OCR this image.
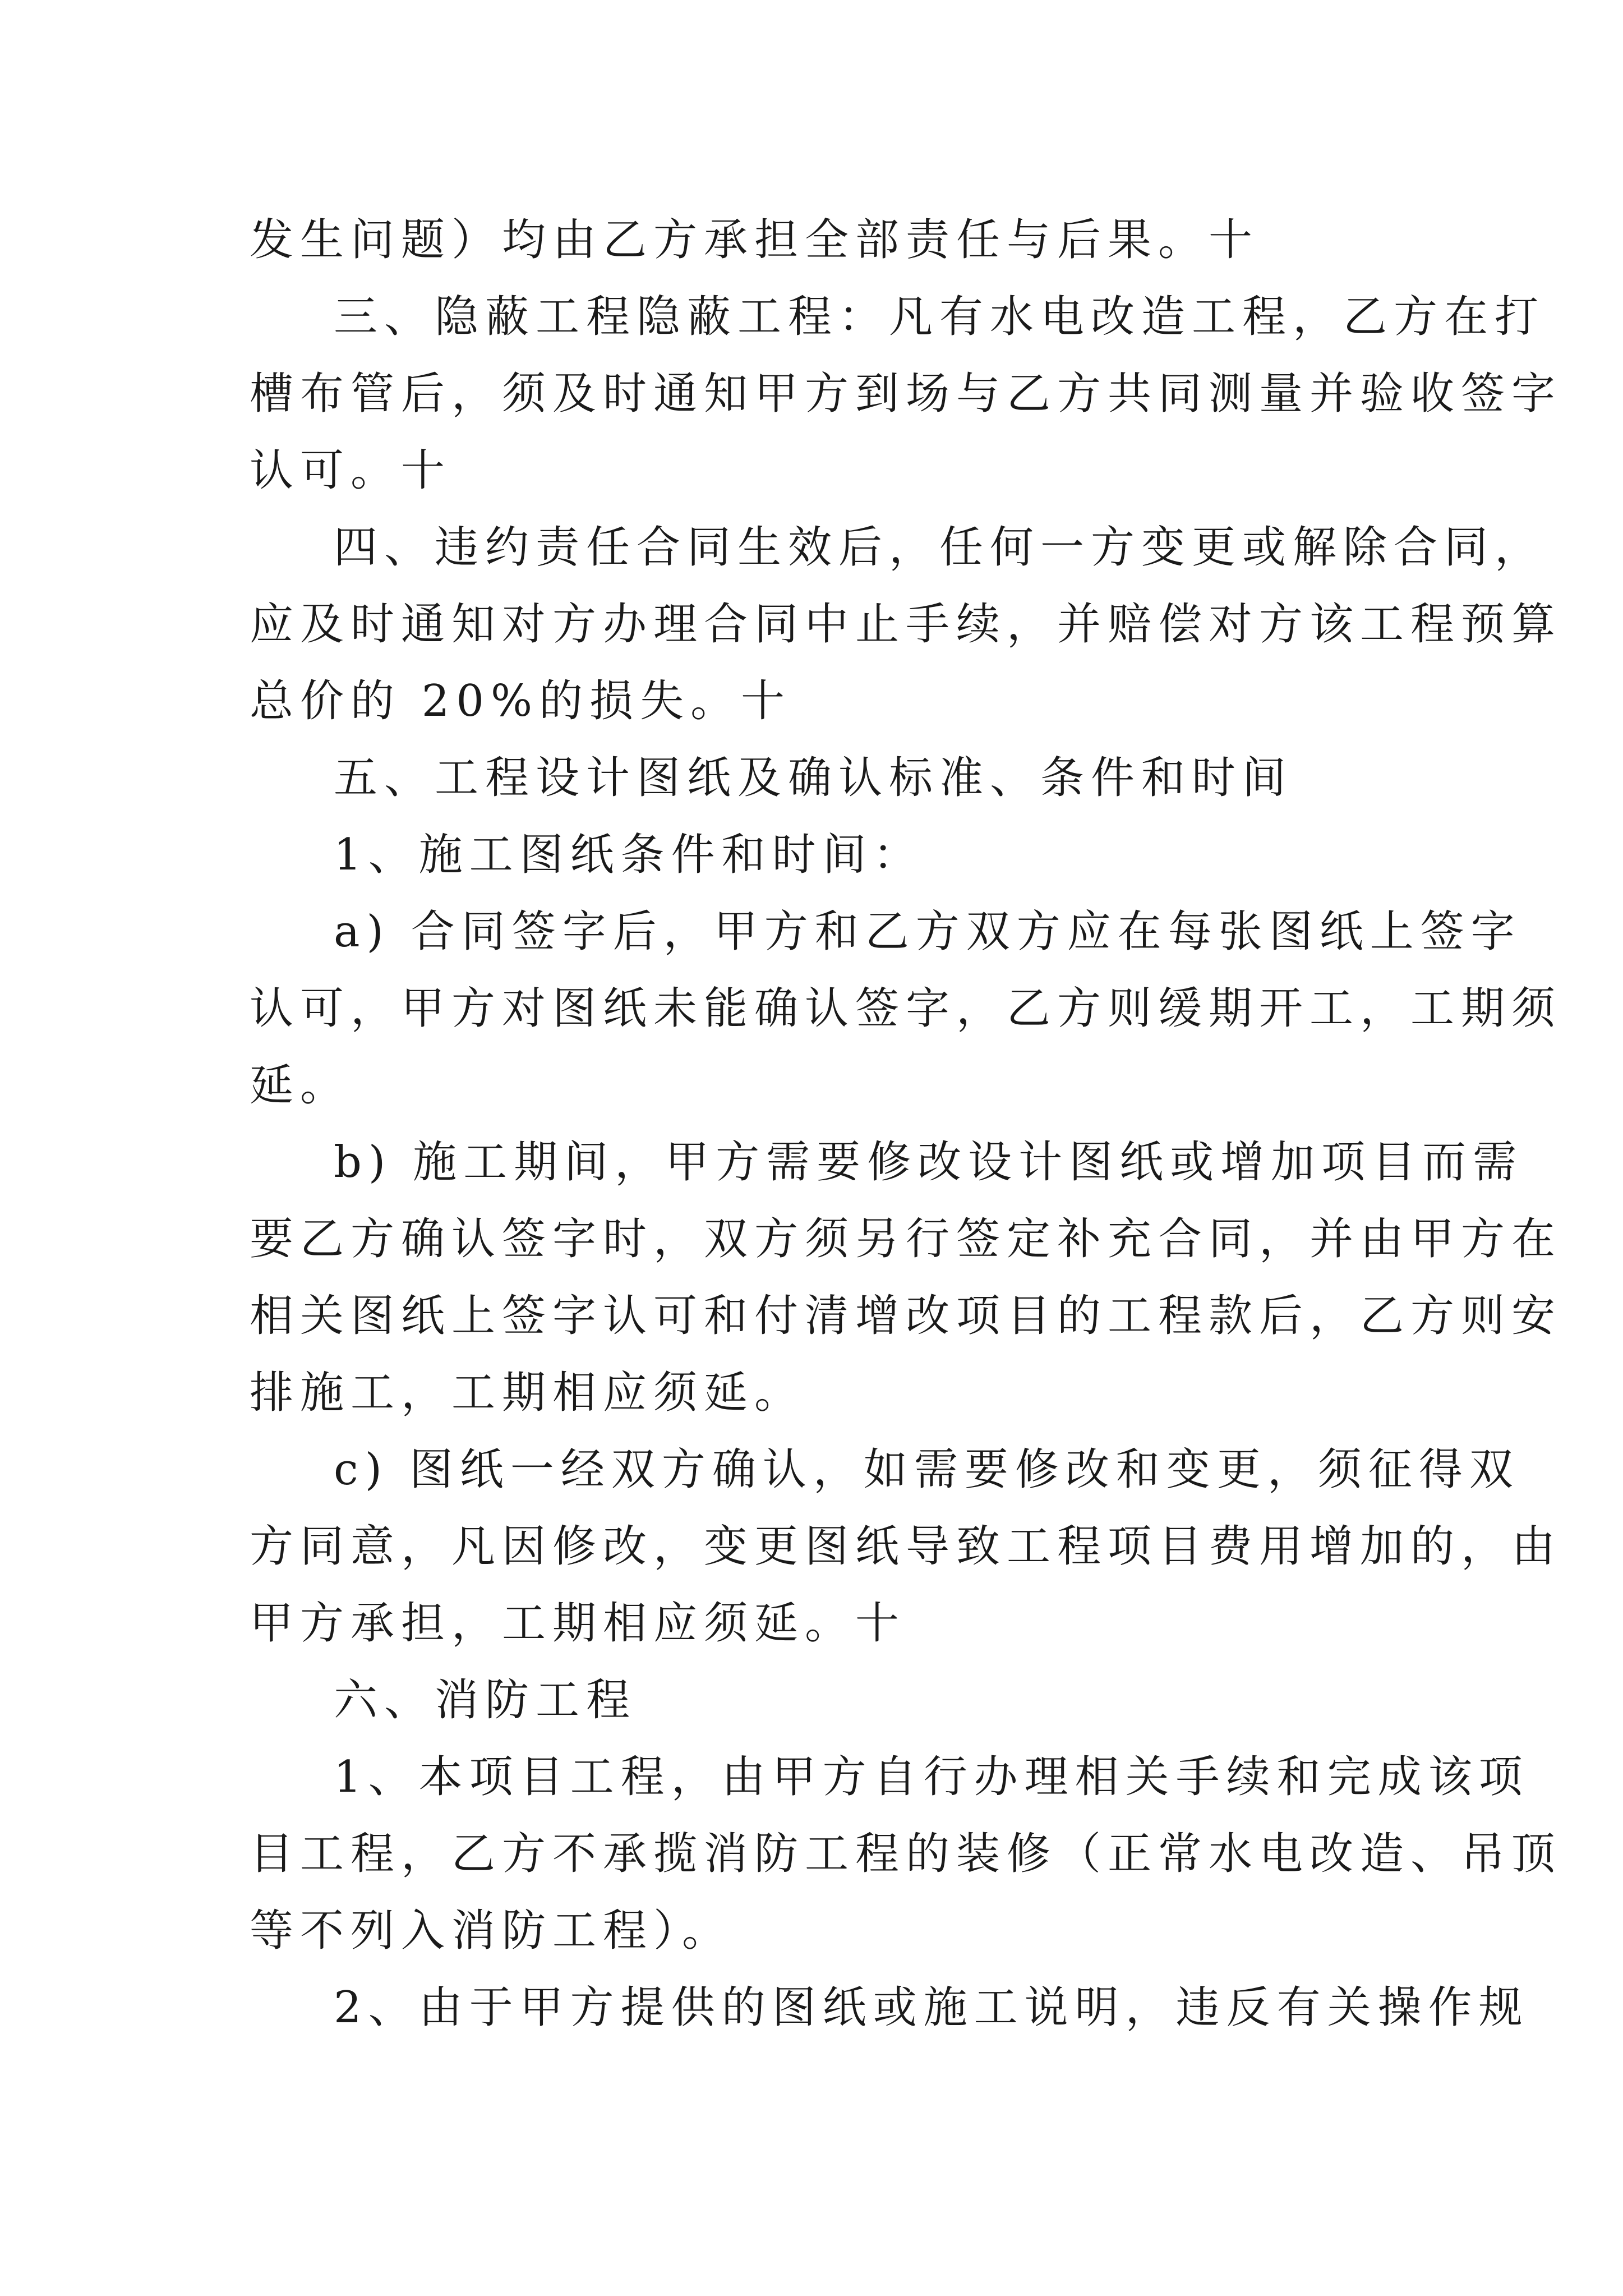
发生问题）均由乙方承担全部责任与后果。十
三、隐蔽工程隐蔽工程：凡有水电改造工程，乙方在打
槽布管后，须及时通知甲方到场与乙方共同测量并验收签字
认可。十
四、违约责任合同生效后，任何一方变更或解除合同，
应及时通知对方办理合同中止手续，并赔偿对方该工程预算
总价的 20%的损失。十
五、工程设计图纸及确认标准、条件和时间
1、施工图纸条件和时间：
a) 合同签字后，甲方和乙方双方应在每张图纸上签字
认可，甲方对图纸未能确认签字，乙方则缓期开工，工期须
延。
b) 施工期间，甲方需要修改设计图纸或增加项目而需
要乙方确认签字时，双方须另行签定补充合同，并由甲方在
相关图纸上签字认可和付清增改项目的工程款后，乙方则安
排施工，工期相应须延。
c) 图纸一经双方确认，如需要修改和变更，须征得双
方同意，凡因修改，变更图纸导致工程项目费用增加的，由
甲方承担，工期相应须延。十
六、消防工程
1、本项目工程，由甲方自行办理相关手续和完成该项
目工程，乙方不承揽消防工程的装修（正常水电改造、吊顶
等不列入消防工程）。
2、由于甲方提供的图纸或施工说明，违反有关操作规
